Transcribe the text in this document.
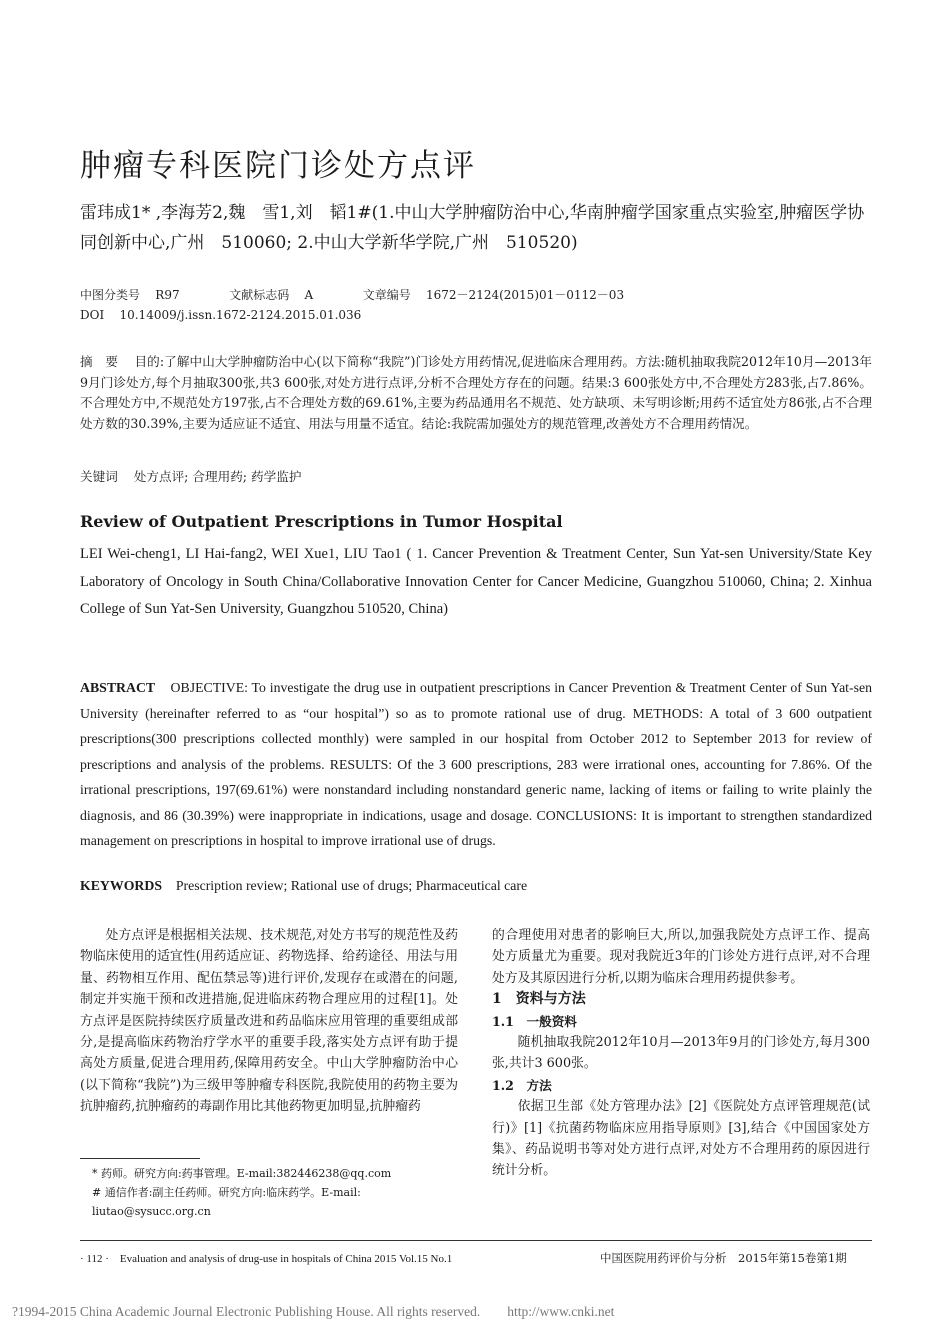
肿瘤专科医院门诊处方点评
雷玮成1* ,李海芳2,魏　雪1,刘　韬1#(1.中山大学肿瘤防治中心,华南肿瘤学国家重点实验室,肿瘤医学协同创新中心,广州　510060; 2.中山大学新华学院,广州　510520)
中图分类号 R97	文献标志码 A	文章编号 1672－2124(2015)01－0112－03
DOI 10.14009/j.issn.1672-2124.2015.01.036
摘　要 目的:了解中山大学肿瘤防治中心(以下简称“我院”)门诊处方用药情况,促进临床合理用药。方法:随机抽取我院2012年10月—2013年9月门诊处方,每个月抽取300张,共3 600张,对处方进行点评,分析不合理处方存在的问题。结果:3 600张处方中,不合理处方283张,占7.86%。不合理处方中,不规范处方197张,占不合理处方数的69.61%,主要为药品通用名不规范、处方缺项、未写明诊断;用药不适宜处方86张,占不合理处方数的30.39%,主要为适应证不适宜、用法与用量不适宜。结论:我院需加强处方的规范管理,改善处方不合理用药情况。
关键词 处方点评; 合理用药; 药学监护
Review of Outpatient Prescriptions in Tumor Hospital
LEI Wei-cheng1, LI Hai-fang2, WEI Xue1, LIU Tao1 ( 1. Cancer Prevention & Treatment Center, Sun Yat-sen University/State Key Laboratory of Oncology in South China/Collaborative Innovation Center for Cancer Medicine, Guangzhou 510060, China; 2. Xinhua College of Sun Yat-Sen University, Guangzhou 510520, China)
ABSTRACT OBJECTIVE: To investigate the drug use in outpatient prescriptions in Cancer Prevention & Treatment Center of Sun Yat-sen University (hereinafter referred to as “our hospital”) so as to promote rational use of drug. METHODS: A total of 3 600 outpatient prescriptions(300 prescriptions collected monthly) were sampled in our hospital from October 2012 to September 2013 for review of prescriptions and analysis of the problems. RESULTS: Of the 3 600 prescriptions, 283 were irrational ones, accounting for 7.86%. Of the irrational prescriptions, 197(69.61%) were nonstandard including nonstandard generic name, lacking of items or failing to write plainly the diagnosis, and 86 (30.39%) were inappropriate in indications, usage and dosage. CONCLUSIONS: It is important to strengthen standardized management on prescriptions in hospital to improve irrational use of drugs.
KEYWORDS Prescription review; Rational use of drugs; Pharmaceutical care

处方点评是根据相关法规、技术规范,对处方书写的规范性及药物临床使用的适宜性(用药适应证、药物选择、给药途径、用法与用量、药物相互作用、配伍禁忌等)进行评价,发现存在或潜在的问题,制定并实施干预和改进措施,促进临床药物合理应用的过程[1]。处方点评是医院持续医疗质量改进和药品临床应用管理的重要组成部分,是提高临床药物治疗学水平的重要手段,落实处方点评有助于提高处方质量,促进合理用药,保障用药安全。中山大学肿瘤防治中心(以下简称“我院”)为三级甲等肿瘤专科医院,我院使用的药物主要为抗肿瘤药,抗肿瘤药的毒副作用比其他药物更加明显,抗肿瘤药

的合理使用对患者的影响巨大,所以,加强我院处方点评工作、提高处方质量尤为重要。现对我院近3年的门诊处方进行点评,对不合理处方及其原因进行分析,以期为临床合理用药提供参考。

1　资料与方法

1.1　一般资料

随机抽取我院2012年10月—2013年9月的门诊处方,每月300张,共计3 600张。

1.2　方法

依据卫生部《处方管理办法》[2]《医院处方点评管理规范(试行)》[1]《抗菌药物临床应用指导原则》[3],结合《中国国家处方集》、药品说明书等对处方进行点评,对处方不合理用药的原因进行统计分析。

* 药师。研究方向:药事管理。E-mail:382446238@qq.com
# 通信作者:副主任药师。研究方向:临床药学。E-mail: liutao@sysucc.org.cn
· 112 ·　Evaluation and analysis of drug-use in hospitals of China 2015 Vol.15 No.1	中国医院用药评价与分析　2015年第15卷第1期
?1994-2015 China Academic Journal Electronic Publishing House. All rights reserved.　　http://www.cnki.net
